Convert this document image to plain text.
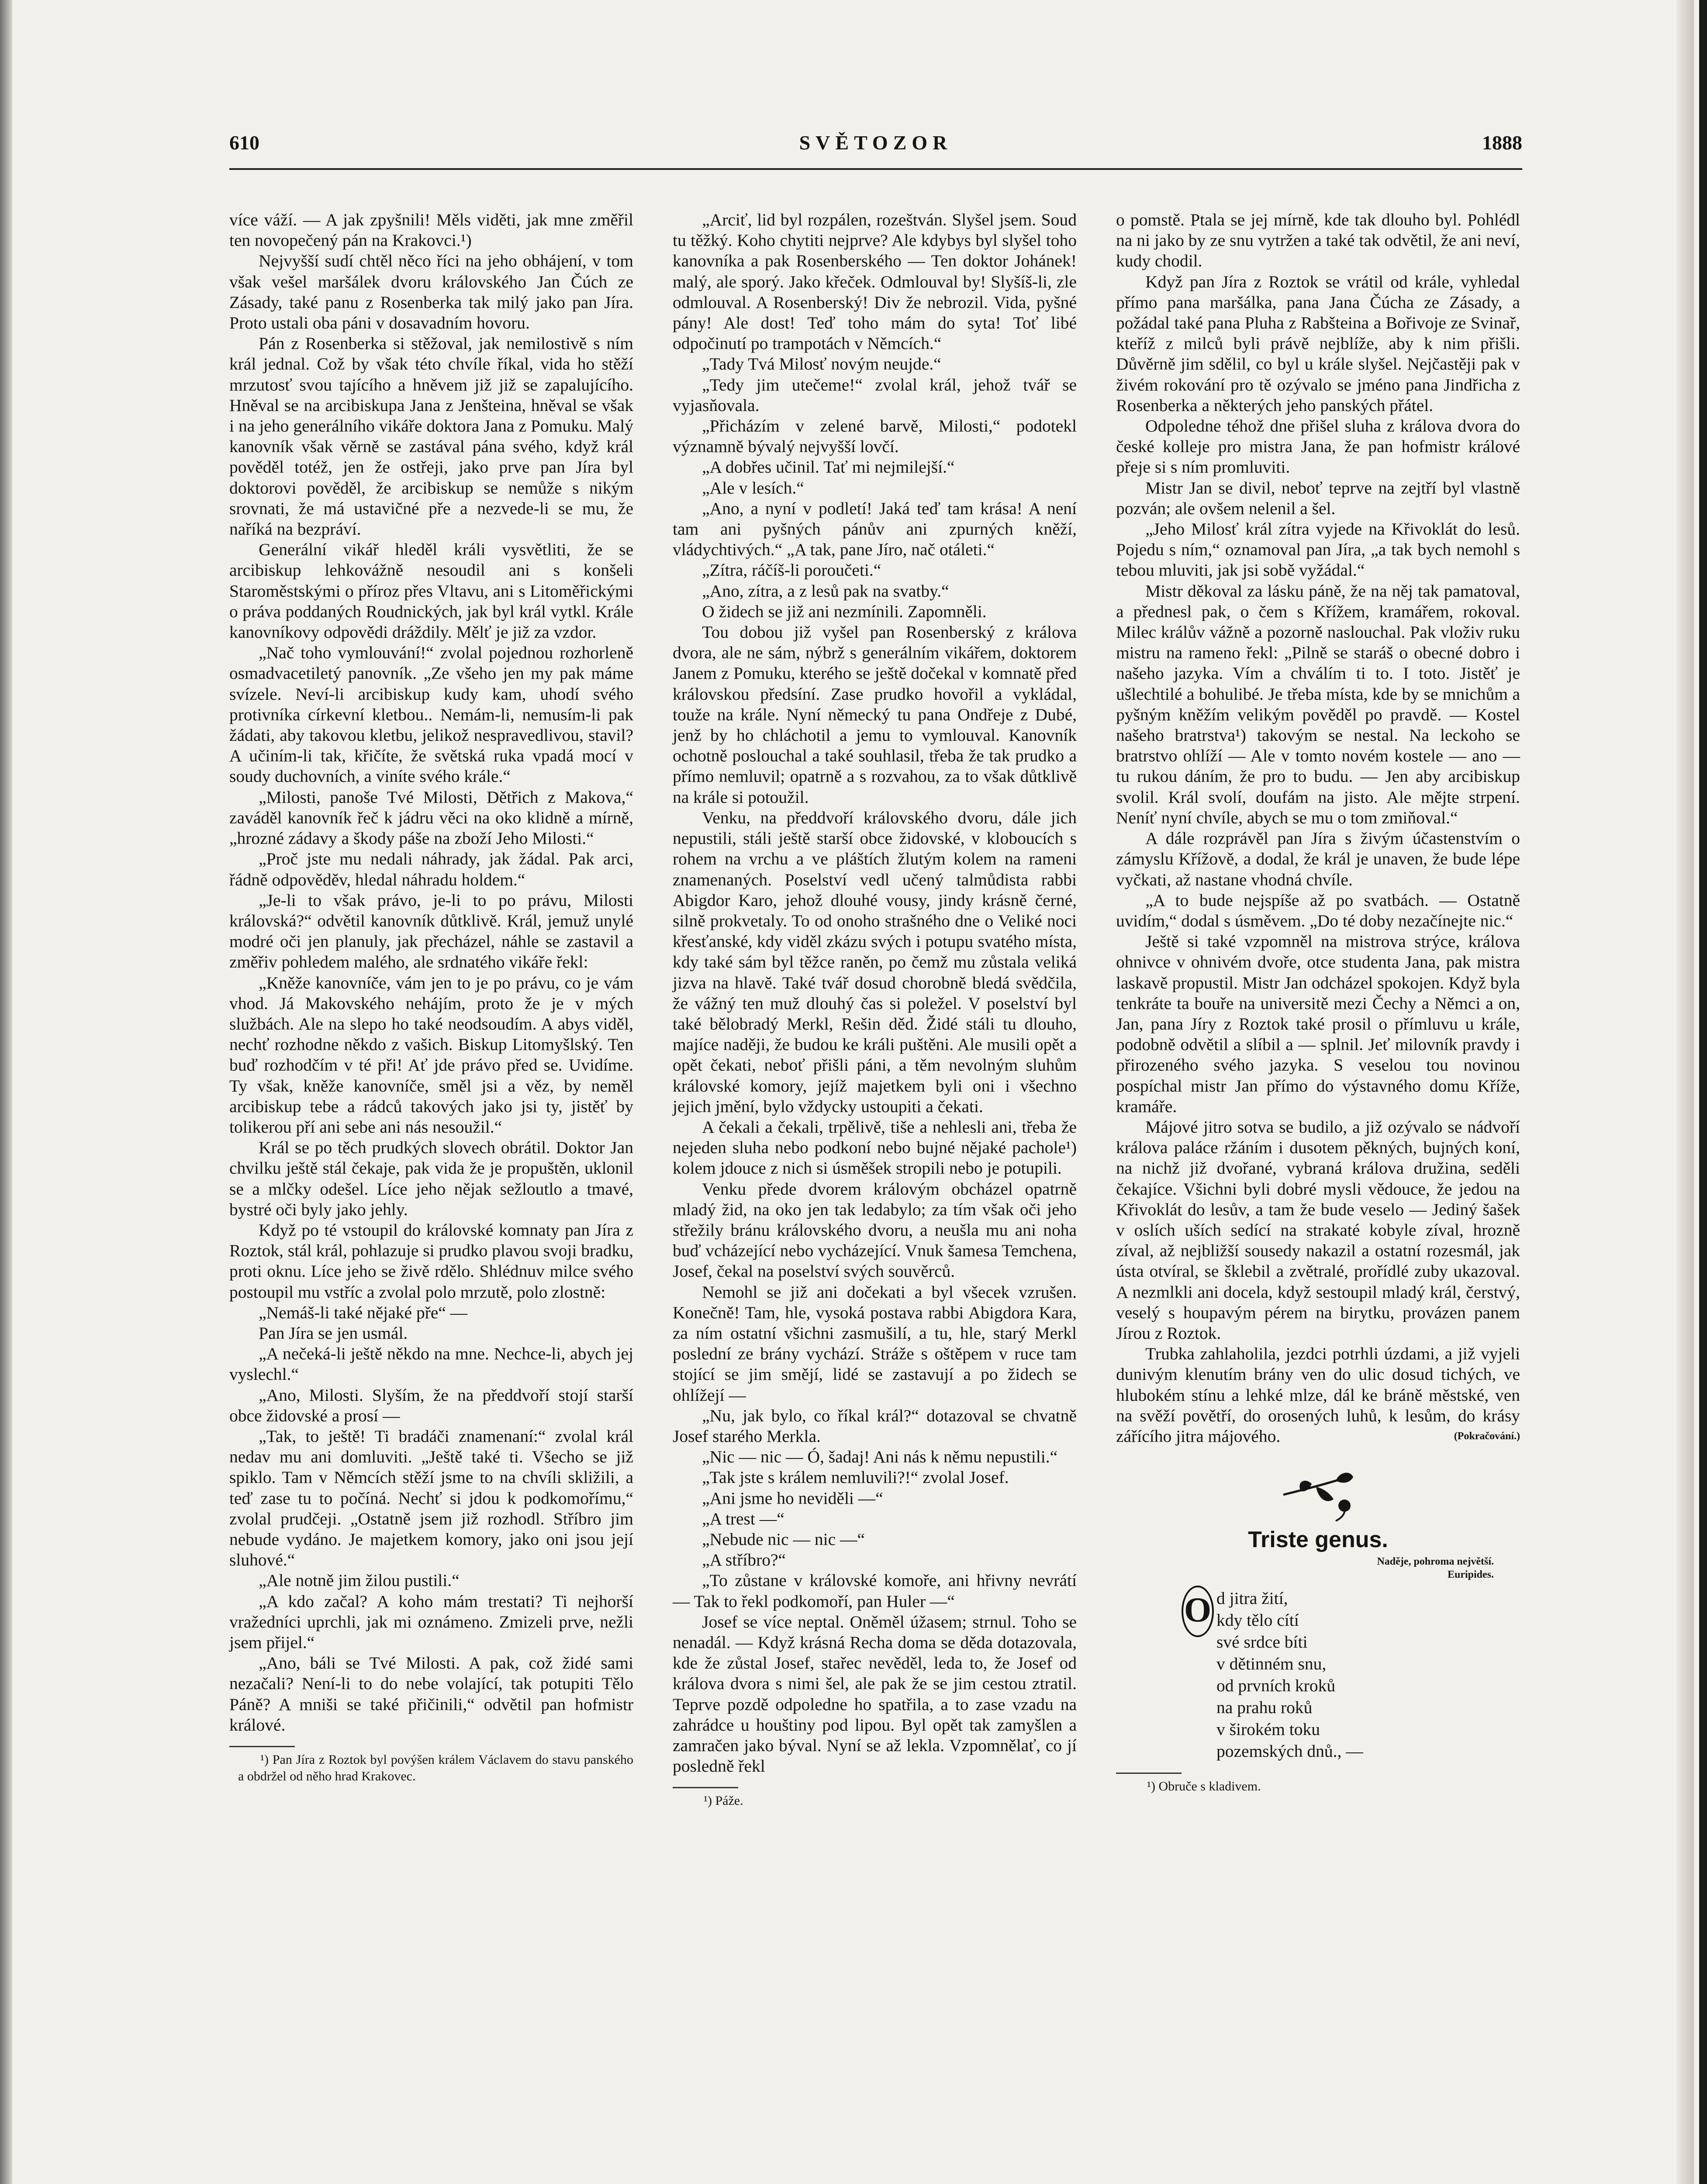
610	SVĚTOZOR	1888

více váží. — A jak zpyšnili! Měls viděti, jak mne změřil ten novopečený pán na Krakovci.¹)

Nejvyšší sudí chtěl něco říci na jeho obhájení, v tom však vešel maršálek dvoru královského Jan Čúch ze Zásady, také panu z Rosenberka tak milý jako pan Jíra. Proto ustali oba páni v dosavadním hovoru.

Pán z Rosenberka si stěžoval, jak nemilostivě s ním král jednal. Což by však této chvíle říkal, vida ho stěží mrzutosť svou tajícího a hněvem již již se zapalujícího. Hněval se na arcibiskupa Jana z Jenšteina, hněval se však i na jeho generálního vikáře doktora Jana z Pomuku. Malý kanovník však věrně se zastával pána svého, když král pověděl totéž, jen že ostřeji, jako prve pan Jíra byl doktorovi pověděl, že arcibiskup se nemůže s nikým srovnati, že má ustavičné pře a nezvede-li se mu, že naříká na bezpráví.

Generální vikář hleděl králi vysvětliti, že se arcibiskup lehkovážně nesoudil ani s konšeli Staroměstskými o příroz přes Vltavu, ani s Litoměřickými o práva poddaných Roudnických, jak byl král vytkl. Krále kanovníkovy odpovědi dráždily. Mělť je již za vzdor.

„Nač toho vymlouvání!“ zvolal pojednou rozhorleně osmadvacetiletý panovník. „Ze všeho jen my pak máme svízele. Neví-li arcibiskup kudy kam, uhodí svého protivníka církevní kletbou.. Nemám-li, nemusím-li pak žádati, aby takovou kletbu, jelikož nespravedlivou, stavil? A učiním-li tak, křičíte, že světská ruka vpadá mocí v soudy duchovních, a viníte svého krále.“

„Milosti, panoše Tvé Milosti, Dětřich z Makova,“ zaváděl kanovník řeč k jádru věci na oko klidně a mírně, „hrozné zádavy a škody páše na zboží Jeho Milosti.“

„Proč jste mu nedali náhrady, jak žádal. Pak arci, řádně odpověděv, hledal náhradu holdem.“

„Je-li to však právo, je-li to po právu, Milosti královská?“ odvětil kanovník důtklivě. Král, jemuž unylé modré oči jen planuly, jak přecházel, náhle se zastavil a změřiv pohledem malého, ale srdnatého vikáře řekl:

„Kněže kanovníče, vám jen to je po právu, co je vám vhod. Já Makovského nehájím, proto že je v mých službách. Ale na slepo ho také neodsoudím. A abys viděl, nechť rozhodne někdo z vašich. Biskup Litomyšlský. Ten buď rozhodčím v té při! Ať jde právo před se. Uvidíme. Ty však, kněže kanovníče, směl jsi a věz, by neměl arcibiskup tebe a rádců takových jako jsi ty, jistěť by tolikerou pří ani sebe ani nás nesoužil.“

Král se po těch prudkých slovech obrátil. Doktor Jan chvilku ještě stál čekaje, pak vida že je propuštěn, uklonil se a mlčky odešel. Líce jeho nějak sežloutlo a tmavé, bystré oči byly jako jehly.

Když po té vstoupil do královské komnaty pan Jíra z Roztok, stál král, pohlazuje si prudko plavou svoji bradku, proti oknu. Líce jeho se živě rdělo. Shlédnuv milce svého postoupil mu vstříc a zvolal polo mrzutě, polo zlostně:

„Nemáš-li také nějaké pře“ —

Pan Jíra se jen usmál.

„A nečeká-li ještě někdo na mne. Nechce-li, abych jej vyslechl.“

„Ano, Milosti. Slyším, že na předdvoří stojí starší obce židovské a prosí —

„Tak, to ještě! Ti bradáči znamenaní:“ zvolal král nedav mu ani domluviti. „Ještě také ti. Všecho se již spiklo. Tam v Němcích stěží jsme to na chvíli skližili, a teď zase tu to počíná. Nechť si jdou k podkomořímu,“ zvolal prudčeji. „Ostatně jsem již rozhodl. Stříbro jim nebude vydáno. Je majetkem komory, jako oni jsou její sluhové.“

„Ale notně jim žilou pustili.“

„A kdo začal? A koho mám trestati? Ti nejhorší vražedníci uprchli, jak mi oznámeno. Zmizeli prve, nežli jsem přijel.“

„Ano, báli se Tvé Milosti. A pak, což židé sami nezačali? Není-li to do nebe volající, tak potupiti Tělo Páně? A mniši se také přičinili,“ odvětil pan hofmistr králové.

¹) Pan Jíra z Roztok byl povýšen králem Václavem do stavu panského a obdržel od něho hrad Krakovec.

„Arciť, lid byl rozpálen, rozeštván. Slyšel jsem. Soud tu těžký. Koho chytiti nejprve? Ale kdybys byl slyšel toho kanovníka a pak Rosenberského — Ten doktor Johánek! malý, ale sporý. Jako křeček. Odmlouval by! Slyšíš-li, zle odmlouval. A Rosenberský! Div že nebrozil. Vida, pyšné pány! Ale dost! Teď toho mám do syta! Toť libé odpočinutí po trampotách v Němcích.“

„Tady Tvá Milosť novým neujde.“

„Tedy jim utečeme!“ zvolal král, jehož tvář se vyjasňovala.

„Přicházím v zelené barvě, Milosti,“ podotekl významně bývalý nejvyšší lovčí.

„A dobřes učinil. Tať mi nejmilejší.“

„Ale v lesích.“

„Ano, a nyní v podletí! Jaká teď tam krása! A není tam ani pyšných pánův ani zpurných kněží, vládychtivých.“ „A tak, pane Jíro, nač otáleti.“

„Zítra, ráčíš-li poroučeti.“

„Ano, zítra, a z lesů pak na svatby.“

O židech se již ani nezmínili. Zapomněli.

Tou dobou již vyšel pan Rosenberský z králova dvora, ale ne sám, nýbrž s generálním vikářem, doktorem Janem z Pomuku, kterého se ještě dočekal v komnatě před královskou předsíní. Zase prudko hovořil a vykládal, touže na krále. Nyní německý tu pana Ondřeje z Dubé, jenž by ho chláchotil a jemu to vymlouval. Kanovník ochotně poslouchal a také souhlasil, třeba že tak prudko a přímo nemluvil; opatrně a s rozvahou, za to však důtklivě na krále si potoužil.

Venku, na předdvoří královského dvoru, dále jich nepustili, stáli ještě starší obce židovské, v kloboucích s rohem na vrchu a ve pláštích žlutým kolem na rameni znamenaných. Poselství vedl učený talmůdista rabbi Abigdor Karo, jehož dlouhé vousy, jindy krásně černé, silně prokvetaly. To od onoho strašného dne o Veliké noci křesťanské, kdy viděl zkázu svých i potupu svatého místa, kdy také sám byl těžce raněn, po čemž mu zůstala veliká jizva na hlavě. Také tvář dosud chorobně bledá svědčila, že vážný ten muž dlouhý čas si poležel. V poselství byl také bělobradý Merkl, Rešin děd. Židé stáli tu dlouho, majíce naději, že budou ke králi puštěni. Ale musili opět a opět čekati, neboť přišli páni, a těm nevolným sluhům královské komory, jejíž majetkem byli oni i všechno jejich jmění, bylo vždycky ustoupiti a čekati.

A čekali a čekali, trpělivě, tiše a nehlesli ani, třeba že nejeden sluha nebo podkoní nebo bujné nějaké pachole¹) kolem jdouce z nich si úsměšek stropili nebo je potupili.

Venku přede dvorem královým obcházel opatrně mladý žid, na oko jen tak ledabylo; za tím však oči jeho střežily bránu královského dvoru, a neušla mu ani noha buď vcházející nebo vycházející. Vnuk šamesa Temchena, Josef, čekal na poselství svých souvěrců.

Nemohl se již ani dočekati a byl všecek vzrušen. Konečně! Tam, hle, vysoká postava rabbi Abigdora Kara, za ním ostatní všichni zasmušilí, a tu, hle, starý Merkl poslední ze brány vychází. Stráže s oštěpem v ruce tam stojící se jim smějí, lidé se zastavují a po židech se ohlížejí —

„Nu, jak bylo, co říkal král?“ dotazoval se chvatně Josef starého Merkla.

„Nic — nic — Ó, šadaj! Ani nás k němu nepustili.“

„Tak jste s králem nemluvili?!“ zvolal Josef.

„Ani jsme ho neviděli —“

„A trest —“

„Nebude nic — nic —“

„A stříbro?“

„To zůstane v královské komoře, ani hřivny nevrátí — Tak to řekl podkomoří, pan Huler —“

Josef se více neptal. Oněměl úžasem; strnul. Toho se nenadál. — Když krásná Recha doma se děda dotazovala, kde že zůstal Josef, stařec nevěděl, leda to, že Josef od králova dvora s nimi šel, ale pak že se jim cestou ztratil. Teprve pozdě odpoledne ho spatřila, a to zase vzadu na zahrádce u houštiny pod lipou. Byl opět tak zamyšlen a zamračen jako býval. Nyní se až lekla. Vzpomnělať, co jí posledně řekl

¹) Páže.

o pomstě. Ptala se jej mírně, kde tak dlouho byl. Pohlédl na ni jako by ze snu vytržen a také tak odvětil, že ani neví, kudy chodil.

Když pan Jíra z Roztok se vrátil od krále, vyhledal přímo pana maršálka, pana Jana Čúcha ze Zásady, a požádal také pana Pluha z Rabšteina a Bořivoje ze Svinař, kteříž z milců byli právě nejblíže, aby k nim přišli. Důvěrně jim sdělil, co byl u krále slyšel. Nejčastěji pak v živém rokování pro tě ozývalo se jméno pana Jindřicha z Rosenberka a některých jeho panských přátel.

Odpoledne téhož dne přišel sluha z králova dvora do české kolleje pro mistra Jana, že pan hofmistr králové přeje si s ním promluviti.

Mistr Jan se divil, neboť teprve na zejtří byl vlastně pozván; ale ovšem nelenil a šel.

„Jeho Milosť král zítra vyjede na Křivoklát do lesů. Pojedu s ním,“ oznamoval pan Jíra, „a tak bych nemohl s tebou mluviti, jak jsi sobě vyžádal.“

Mistr děkoval za lásku páně, že na něj tak pamatoval, a přednesl pak, o čem s Křížem, kramářem, rokoval. Milec králův vážně a pozorně naslouchal. Pak vloživ ruku mistru na rameno řekl: „Pilně se staráš o obecné dobro i našeho jazyka. Vím a chválím ti to. I toto. Jistěť je ušlechtilé a bohulibé. Je třeba místa, kde by se mnichům a pyšným kněžím velikým pověděl po pravdě. — Kostel našeho bratrstva¹) takovým se nestal. Na leckoho se bratrstvo ohlíží — Ale v tomto novém kostele — ano — tu rukou dáním, že pro to budu. — Jen aby arcibiskup svolil. Král svolí, doufám na jisto. Ale mějte strpení. Neníť nyní chvíle, abych se mu o tom zmiňoval.“

A dále rozprávěl pan Jíra s živým účastenstvím o zámyslu Křížově, a dodal, že král je unaven, že bude lépe vyčkati, až nastane vhodná chvíle.

„A to bude nejspíše až po svatbách. — Ostatně uvidím,“ dodal s úsměvem. „Do té doby nezačínejte nic.“

Ještě si také vzpomněl na mistrova strýce, králova ohnivce v ohnivém dvoře, otce studenta Jana, pak mistra laskavě propustil. Mistr Jan odcházel spokojen. Když byla tenkráte ta bouře na universitě mezi Čechy a Němci a on, Jan, pana Jíry z Roztok také prosil o přímluvu u krále, podobně odvětil a slíbil a — splnil. Jeť milovník pravdy i přirozeného svého jazyka. S veselou tou novinou pospíchal mistr Jan přímo do výstavného domu Kříže, kramáře.

Májové jitro sotva se budilo, a již ozývalo se nádvoří králova paláce ržáním i dusotem pěkných, bujných koní, na nichž již dvořané, vybraná králova družina, seděli čekajíce. Všichni byli dobré mysli vědouce, že jedou na Křivoklát do lesův, a tam že bude veselo — Jediný šašek v oslích uších sedící na strakaté kobyle zíval, hrozně zíval, až nejbližší sousedy nakazil a ostatní rozesmál, jak ústa otvíral, se šklebil a zvětralé, prořídlé zuby ukazoval. A nezmlkli ani docela, když sestoupil mladý král, čerstvý, veselý s houpavým pérem na birytku, provázen panem Jírou z Roztok.

Trubka zahlaholila, jezdci potrhli úzdami, a již vyjeli dunivým klenutím brány ven do ulic dosud tichých, ve hlubokém stínu a lehké mlze, dál ke bráně městské, ven na svěží povětří, do orosených luhů, k lesům, do krásy zářícího jitra májového.	(Pokračování.)
Triste genus.
Naděje, pohroma největší.
Euripides.
O d jitra žití,
kdy tělo cítí
své srdce bíti
v dětinném snu,
od prvních kroků
na prahu roků
v širokém toku
pozemských dnů., —

¹) Obruče s kladivem.
